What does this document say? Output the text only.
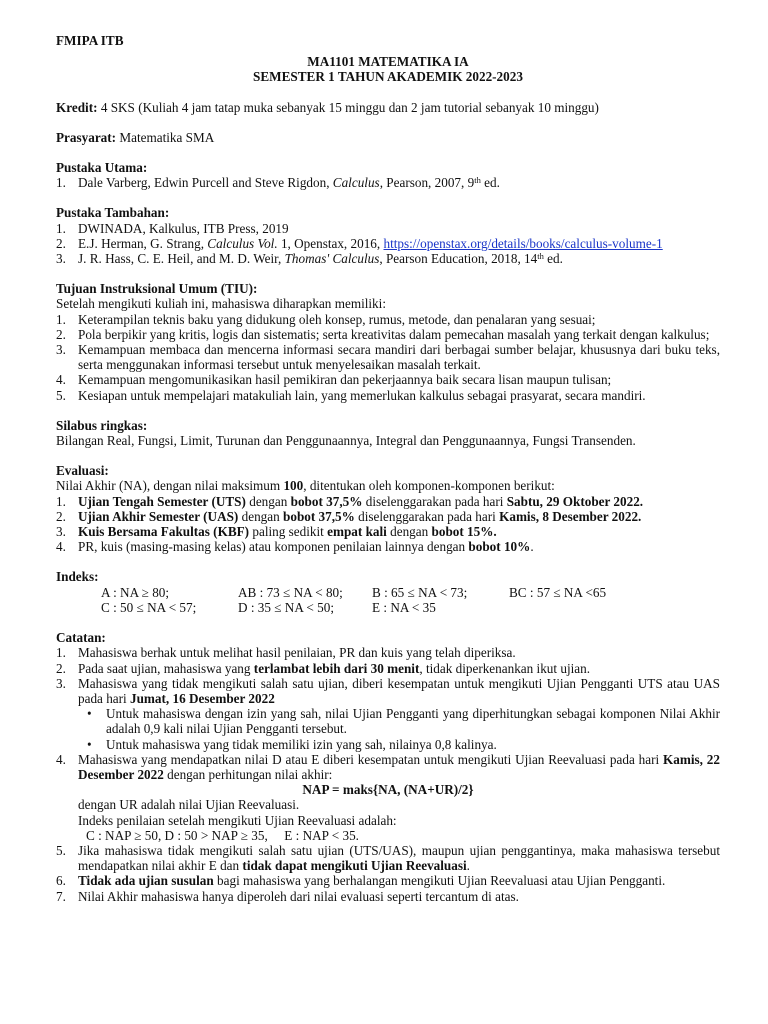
FMIPA ITB
MA1101 MATEMATIKA IA
SEMESTER 1 TAHUN AKADEMIK 2022-2023
Kredit: 4 SKS (Kuliah 4 jam tatap muka sebanyak 15 minggu dan 2 jam tutorial sebanyak 10 minggu)
Prasyarat: Matematika SMA
Pustaka Utama:
1. Dale Varberg, Edwin Purcell and Steve Rigdon, Calculus, Pearson, 2007, 9th ed.
Pustaka Tambahan:
1. DWINADA, Kalkulus, ITB Press, 2019
2. E.J. Herman, G. Strang, Calculus Vol. 1, Openstax, 2016, https://openstax.org/details/books/calculus-volume-1
3. J. R. Hass, C. E. Heil, and M. D. Weir, Thomas' Calculus, Pearson Education, 2018, 14th ed.
Tujuan Instruksional Umum (TIU):
Setelah mengikuti kuliah ini, mahasiswa diharapkan memiliki:
1. Keterampilan teknis baku yang didukung oleh konsep, rumus, metode, dan penalaran yang sesuai;
2. Pola berpikir yang kritis, logis dan sistematis; serta kreativitas dalam pemecahan masalah yang terkait dengan kalkulus;
3. Kemampuan membaca dan mencerna informasi secara mandiri dari berbagai sumber belajar, khususnya dari buku teks, serta menggunakan informasi tersebut untuk menyelesaikan masalah terkait.
4. Kemampuan mengomunikasikan hasil pemikiran dan pekerjaannya baik secara lisan maupun tulisan;
5. Kesiapan untuk mempelajari matakuliah lain, yang memerlukan kalkulus sebagai prasyarat, secara mandiri.
Silabus ringkas:
Bilangan Real, Fungsi, Limit, Turunan dan Penggunaannya, Integral dan Penggunaannya, Fungsi Transenden.
Evaluasi:
Nilai Akhir (NA), dengan nilai maksimum 100, ditentukan oleh komponen-komponen berikut:
1. Ujian Tengah Semester (UTS) dengan bobot 37,5% diselenggarakan pada hari Sabtu, 29 Oktober 2022.
2. Ujian Akhir Semester (UAS) dengan bobot 37,5% diselenggarakan pada hari Kamis, 8 Desember 2022.
3. Kuis Bersama Fakultas (KBF) paling sedikit empat kali dengan bobot 15%.
4. PR, kuis (masing-masing kelas) atau komponen penilaian lainnya dengan bobot 10%.
Indeks:
A : NA ≥ 80;	AB : 73 ≤ NA < 80;	B : 65 ≤ NA < 73;	BC : 57 ≤ NA <65
C : 50 ≤ NA < 57;	D : 35 ≤ NA < 50;	E : NA < 35
Catatan:
1. Mahasiswa berhak untuk melihat hasil penilaian, PR dan kuis yang telah diperiksa.
2. Pada saat ujian, mahasiswa yang terlambat lebih dari 30 menit, tidak diperkenankan ikut ujian.
3. Mahasiswa yang tidak mengikuti salah satu ujian, diberi kesempatan untuk mengikuti Ujian Pengganti UTS atau UAS pada hari Jumat, 16 Desember 2022
• Untuk mahasiswa dengan izin yang sah, nilai Ujian Pengganti yang diperhitungkan sebagai komponen Nilai Akhir adalah 0,9 kali nilai Ujian Pengganti tersebut.
• Untuk mahasiswa yang tidak memiliki izin yang sah, nilainya 0,8 kalinya.
4. Mahasiswa yang mendapatkan nilai D atau E diberi kesempatan untuk mengikuti Ujian Reevaluasi pada hari Kamis, 22 Desember 2022 dengan perhitungan nilai akhir:
NAP = maks{NA, (NA+UR)/2}
dengan UR adalah nilai Ujian Reevaluasi.
Indeks penilaian setelah mengikuti Ujian Reevaluasi adalah:
C : NAP ≥ 50, D : 50 > NAP ≥ 35,     E : NAP < 35.
5. Jika mahasiswa tidak mengikuti salah satu ujian (UTS/UAS), maupun ujian penggantinya, maka mahasiswa tersebut mendapatkan nilai akhir E dan tidak dapat mengikuti Ujian Reevaluasi.
6. Tidak ada ujian susulan bagi mahasiswa yang berhalangan mengikuti Ujian Reevaluasi atau Ujian Pengganti.
7. Nilai Akhir mahasiswa hanya diperoleh dari nilai evaluasi seperti tercantum di atas.
